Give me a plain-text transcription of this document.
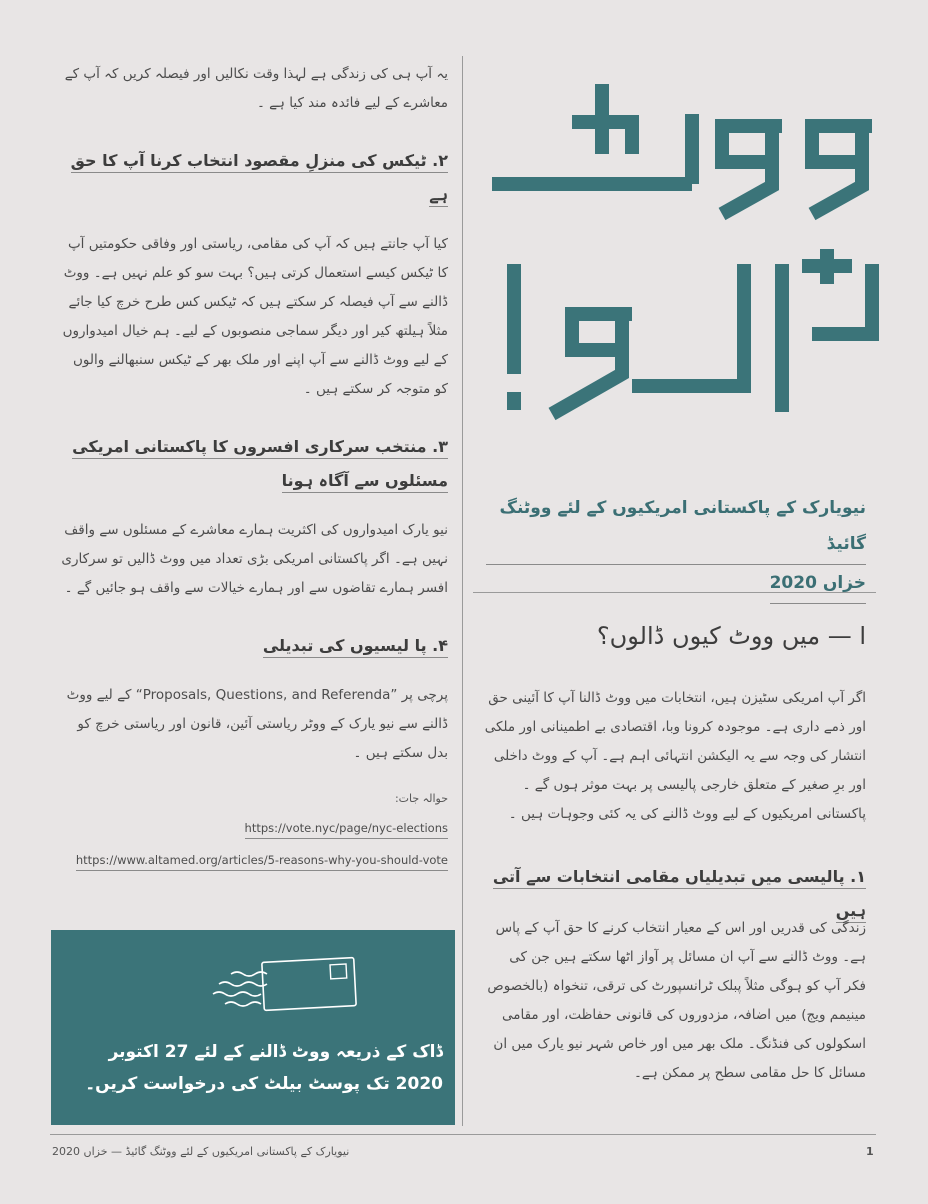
یہ آپ ہی کی زندگی ہے لہذا وقت نکالیں اور فیصلہ کریں کہ آپ کے معاشرے کے لیے فائدہ مند کیا ہے ۔

۲. ٹیکس کی منزلِ مقصود انتخاب کرنا آپ کا حق ہے

کیا آپ جانتے ہیں کہ آپ کی مقامی، ریاستی اور وفاقی حکومتیں آپ کا ٹیکس کیسے استعمال کرتی ہیں؟ بہت سو کو علم نہیں ہے۔ ووٹ ڈالنے سے آپ فیصلہ کر سکتے ہیں کہ ٹیکس کس طرح خرچ کیا جائے مثلاً ہیلتھ کیر اور دیگر سماجی منصوبوں کے لیے۔ ہم خیال امیدواروں کے لیے ووٹ ڈالنے سے آپ اپنے اور ملک بھر کے ٹیکس سنبھالنے والوں کو متوجہ کر سکتے ہیں ۔

۳. منتخب سرکاری افسروں کا پاکستانی امریکی
مسئلوں سے آگاہ ہونا

نیو یارک امیدواروں کی اکثریت ہمارے معاشرے کے مسئلوں سے واقف نہیں ہے۔ اگر پاکستانی امریکی بڑی تعداد میں ووٹ ڈالیں تو سرکاری افسر ہمارے تقاضوں سے اور ہمارے خیالات سے واقف ہو جائیں گے ۔

۴. پا لیسیوں کی تبدیلی

پرچی پر ”Proposals, Questions, and Referenda“ کے لیے ووٹ ڈالنے سے نیو یارک کے ووٹر ریاستی آئین، قانون اور ریاستی خرچ کو بدل سکتے ہیں ۔

حوالہ جات:
https://vote.nyc/page/nyc-elections
https://www.altamed.org/articles/5-reasons-why-you-should-vote
ڈاک کے ذریعہ ووٹ ڈالنے کے لئے 27 اکتوبر 2020 تک پوسٹ بیلٹ کی درخواست کریں۔
نیویارک کے پاکستانی امریکیوں کے لئے ووٹنگ گائیڈ
خزاں 2020
ا — میں ووٹ کیوں ڈالوں؟

اگر آپ امریکی سٹیزن ہیں، انتخابات میں ووٹ ڈالنا آپ کا آئینی حق اور ذمے داری ہے۔ موجودہ کرونا وبا، اقتصادی بے اطمینانی اور ملکی انتشار کی وجہ سے یہ الیکشن انتہائی اہم ہے۔ آپ کے ووٹ داخلی اور برِ صغیر کے متعلق خارجی پالیسی پر بہت موثر ہوں گے ۔ پاکستانی امریکیوں کے لیے ووٹ ڈالنے کی یہ کئی وجوہات ہیں ۔

۱. پالیسی میں تبدیلیاں مقامی انتخابات سے آتی ہیں

زندگی کی قدریں اور اس کے معیار انتخاب کرنے کا حق آپ کے پاس ہے۔ ووٹ ڈالنے سے آپ ان مسائل پر آواز اٹھا سکتے ہیں جن کی فکر آپ کو ہوگی مثلاً پبلک ٹرانسپورٹ کی ترقی، تنخواہ (بالخصوص مینیمم ویج) میں اضافہ، مزدوروں کی قانونی حفاظت، اور مقامی اسکولوں کی فنڈنگ۔ ملک بھر میں اور خاص شہر نیو یارک میں ان مسائل کا حل مقامی سطح پر ممکن ہے۔

نیویارک کے پاکستانی امریکیوں کے لئے ووٹنگ گائیڈ — خزاں 2020	1
